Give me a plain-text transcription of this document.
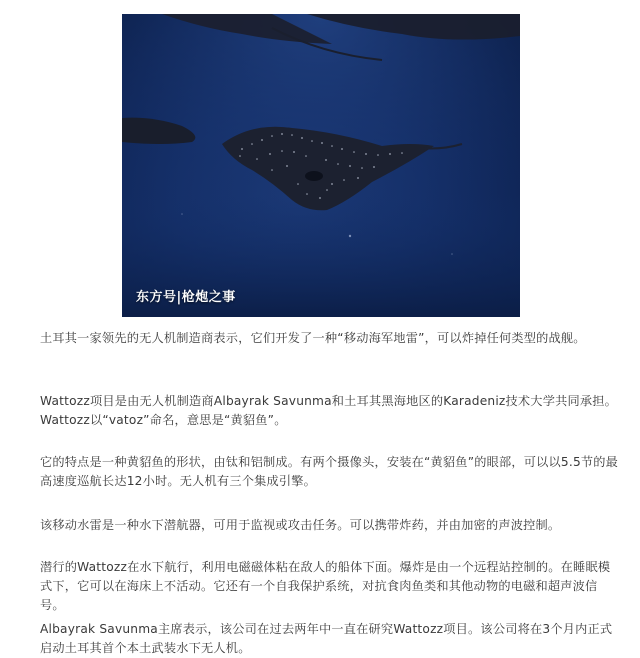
东方号|枪炮之事

土耳其一家领先的无人机制造商表示，它们开发了一种“移动海军地雷”，可以炸掉任何类型的战舰。

Wattozz项目是由无人机制造商Albayrak Savunma和土耳其黑海地区的Karadeniz技术大学共同承担。Wattozz以“vatoz”命名，意思是“黄貂鱼”。

它的特点是一种黄貂鱼的形状，由钛和铝制成。有两个摄像头，安装在“黄貂鱼”的眼部，可以以5.5节的最高速度巡航长达12小时。无人机有三个集成引擎。

该移动水雷是一种水下潜航器，可用于监视或攻击任务。可以携带炸药，并由加密的声波控制。

潜行的Wattozz在水下航行，利用电磁磁体粘在敌人的船体下面。爆炸是由一个远程站控制的。在睡眠模式下，它可以在海床上不活动。它还有一个自我保护系统，对抗食肉鱼类和其他动物的电磁和超声波信号。

Albayrak Savunma主席表示，该公司在过去两年中一直在研究Wattozz项目。该公司将在3个月内正式启动土耳其首个本土武装水下无人机。
